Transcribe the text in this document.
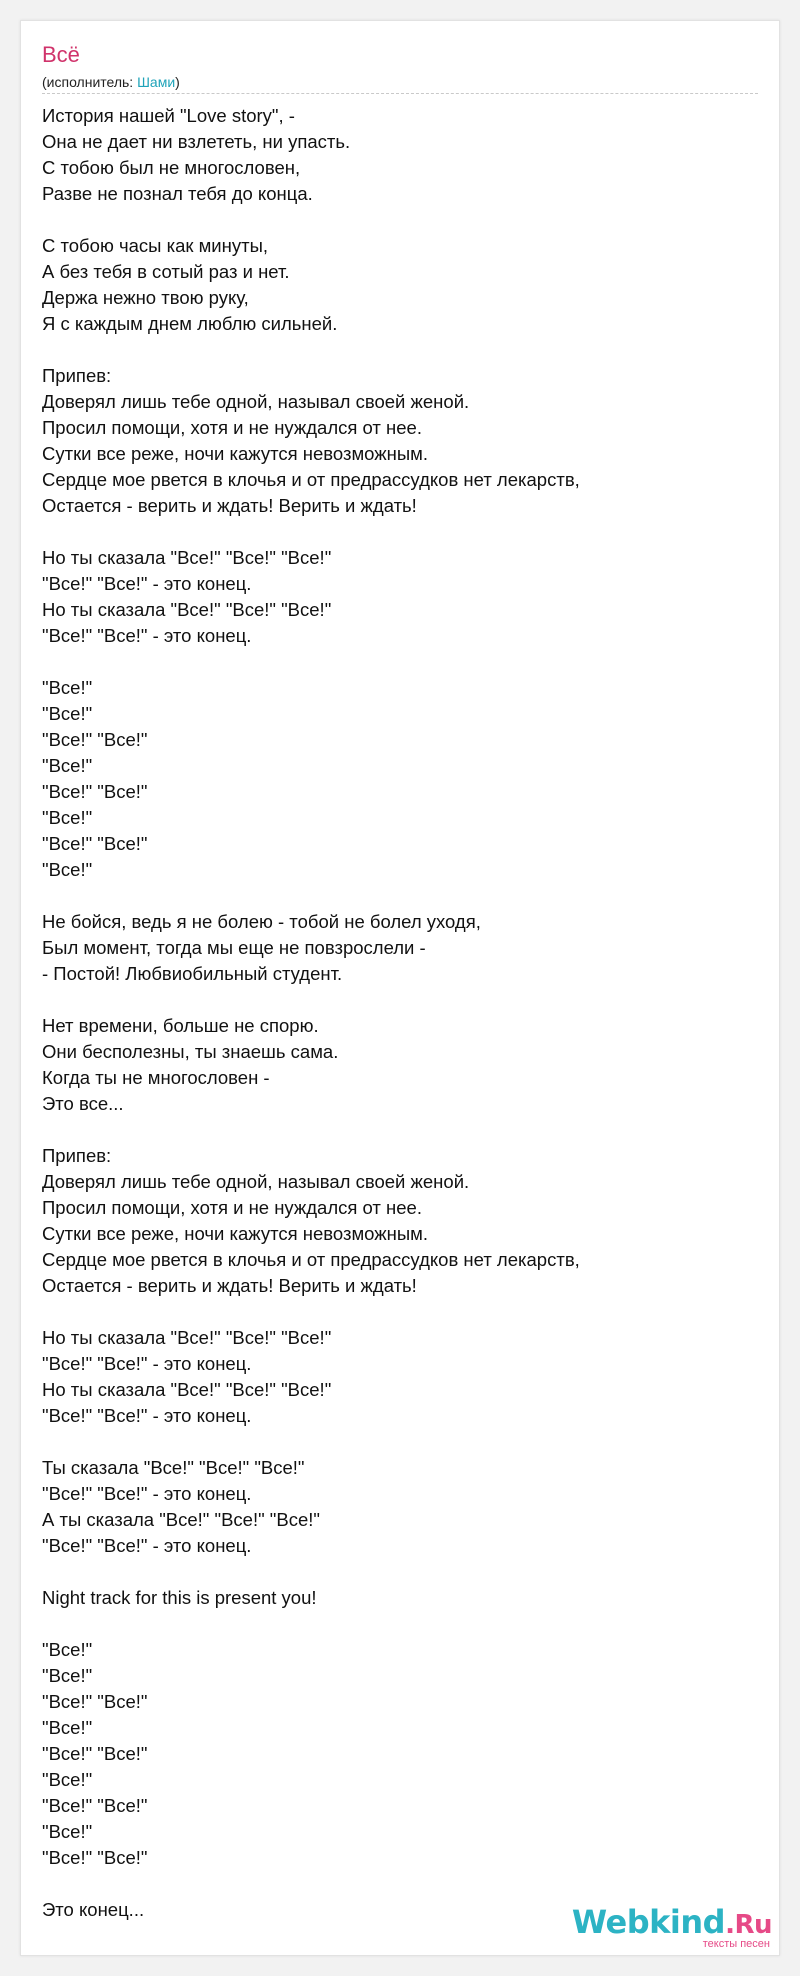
Всё
(исполнитель: Шами)
История нашей "Love story", -
Она не дает ни взлететь, ни упасть.
С тобою был не многословен,
Разве не познал тебя до конца.
С тобою часы как минуты,
А без тебя в сотый раз и нет.
Держа нежно твою руку,
Я с каждым днем люблю сильней.
Припев:
Доверял лишь тебе одной, называл своей женой.
Просил помощи, хотя и не нуждался от нее.
Сутки все реже, ночи кажутся невозможным.
Сердце мое рвется в клочья и от предрассудков нет лекарств,
Остается - верить и ждать! Верить и ждать!
Но ты сказала "Все!" "Все!" "Все!"
"Все!" "Все!" - это конец.
Но ты сказала "Все!" "Все!" "Все!"
"Все!" "Все!" - это конец.
"Все!"
"Все!"
"Все!" "Все!"
"Все!"
"Все!" "Все!"
"Все!"
"Все!" "Все!"
"Все!"
Не бойся, ведь я не болею - тобой не болел уходя,
Был момент, тогда мы еще не повзрослели -
- Постой! Любвиобильный студент.
Нет времени, больше не спорю.
Они бесполезны, ты знаешь сама.
Когда ты не многословен -
Это все...
Припев:
Доверял лишь тебе одной, называл своей женой.
Просил помощи, хотя и не нуждался от нее.
Сутки все реже, ночи кажутся невозможным.
Сердце мое рвется в клочья и от предрассудков нет лекарств,
Остается - верить и ждать! Верить и ждать!
Но ты сказала "Все!" "Все!" "Все!"
"Все!" "Все!" - это конец.
Но ты сказала "Все!" "Все!" "Все!"
"Все!" "Все!" - это конец.
Ты сказала "Все!" "Все!" "Все!"
"Все!" "Все!" - это конец.
А ты сказала "Все!" "Все!" "Все!"
"Все!" "Все!" - это конец.
Night track for this is present you!
"Все!"
"Все!"
"Все!" "Все!"
"Все!"
"Все!" "Все!"
"Все!"
"Все!" "Все!"
"Все!"
"Все!" "Все!"
Это конец...	Webkind.Ru
тексты песен
